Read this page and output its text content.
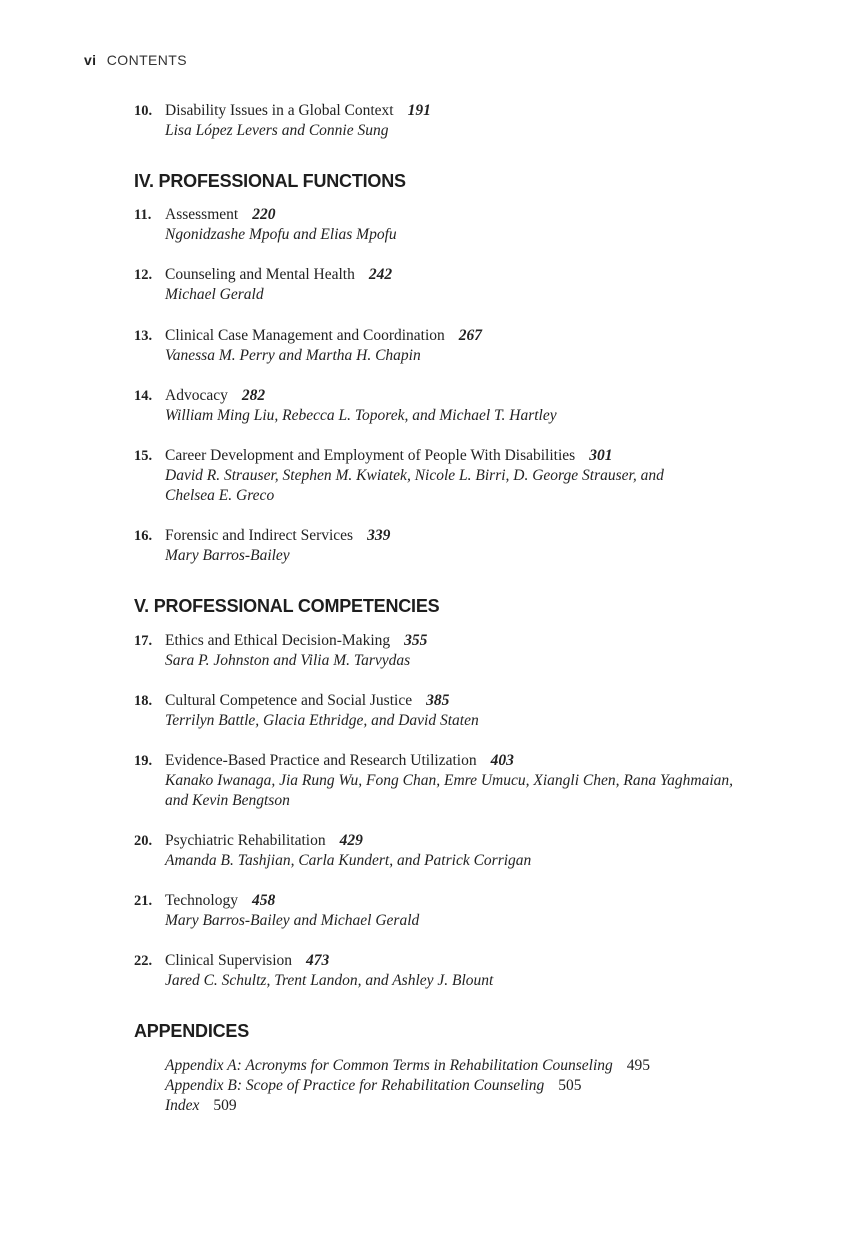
vi CONTENTS
10. Disability Issues in a Global Context 191
Lisa López Levers and Connie Sung
IV. PROFESSIONAL FUNCTIONS
11. Assessment 220
Ngonidzashe Mpofu and Elias Mpofu
12. Counseling and Mental Health 242
Michael Gerald
13. Clinical Case Management and Coordination 267
Vanessa M. Perry and Martha H. Chapin
14. Advocacy 282
William Ming Liu, Rebecca L. Toporek, and Michael T. Hartley
15. Career Development and Employment of People With Disabilities 301
David R. Strauser, Stephen M. Kwiatek, Nicole L. Birri, D. George Strauser, and
Chelsea E. Greco
16. Forensic and Indirect Services 339
Mary Barros-Bailey
V. PROFESSIONAL COMPETENCIES
17. Ethics and Ethical Decision-Making 355
Sara P. Johnston and Vilia M. Tarvydas
18. Cultural Competence and Social Justice 385
Terrilyn Battle, Glacia Ethridge, and David Staten
19. Evidence-Based Practice and Research Utilization 403
Kanako Iwanaga, Jia Rung Wu, Fong Chan, Emre Umucu, Xiangli Chen, Rana Yaghmaian,
and Kevin Bengtson
20. Psychiatric Rehabilitation 429
Amanda B. Tashjian, Carla Kundert, and Patrick Corrigan
21. Technology 458
Mary Barros-Bailey and Michael Gerald
22. Clinical Supervision 473
Jared C. Schultz, Trent Landon, and Ashley J. Blount
APPENDICES
Appendix A: Acronyms for Common Terms in Rehabilitation Counseling 495
Appendix B: Scope of Practice for Rehabilitation Counseling 505
Index 509
